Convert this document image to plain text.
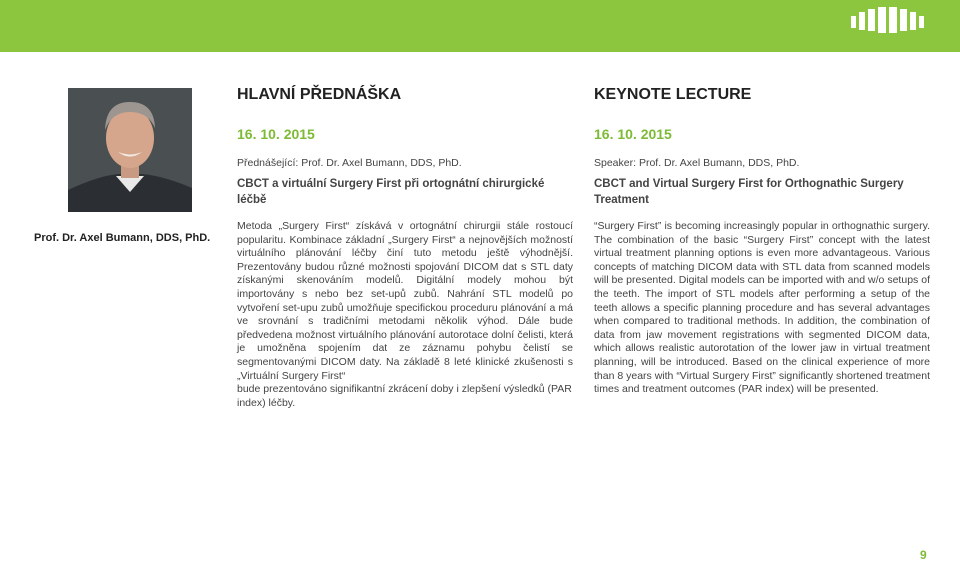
Prof. Dr. Axel Bumann, DDS, PhD.
HLAVNÍ PŘEDNÁŠKA
16. 10. 2015
Přednášející: Prof. Dr. Axel Bumann, DDS, PhD.
CBCT a virtuální Surgery First při ortognátní chirurgické léčbě
Metoda „Surgery First“ získává v ortognátní chirurgii stále rostoucí popularitu. Kombinace základní „Surgery First“ a nejnovějších možností virtuálního plánování léčby činí tuto metodu ještě výhodnější. Prezentovány budou různé možnosti spojování DICOM dat s STL daty získanými skenováním modelů. Digitální modely mohou být importovány s nebo bez set-upů zubů. Nahrání STL modelů po vytvoření set-upu zubů umožňuje specifickou proceduru plánování a má ve srovnání s tradičními metodami několik výhod. Dále bude předvedena možnost virtuálního plánování autorotace dolní čelisti, která je umožněna spojením dat ze záznamu pohybu čelistí se segmentovanými DICOM daty. Na základě 8 leté klinické zkušenosti s „Virtuální Surgery First“
bude prezentováno signifikantní zkrácení doby i zlepšení výsledků (PAR index) léčby.
KEYNOTE LECTURE
16. 10. 2015
Speaker: Prof. Dr. Axel Bumann, DDS, PhD.
CBCT and Virtual Surgery First for Orthognathic Surgery Treatment
“Surgery First” is becoming increasingly popular in orthognathic surgery. The combination of the basic “Surgery First” concept with the latest virtual treatment planning options is even more advantageous. Various concepts of matching DICOM data with STL data from scanned models will be presented. Digital models can be imported with and w/o setups of the teeth. The import of STL models after performing a setup of the teeth allows a specific planning procedure and has several advantages when compared to traditional methods. In addition, the combination of data from jaw movement registrations with segmented DICOM data, which allows realistic autorotation of the lower jaw in virtual treatment planning, will be introduced. Based on the clinical experience of more than 8 years with “Virtual Surgery First” significantly shortened treatment times and treatment outcomes (PAR index) will be presented.
9
